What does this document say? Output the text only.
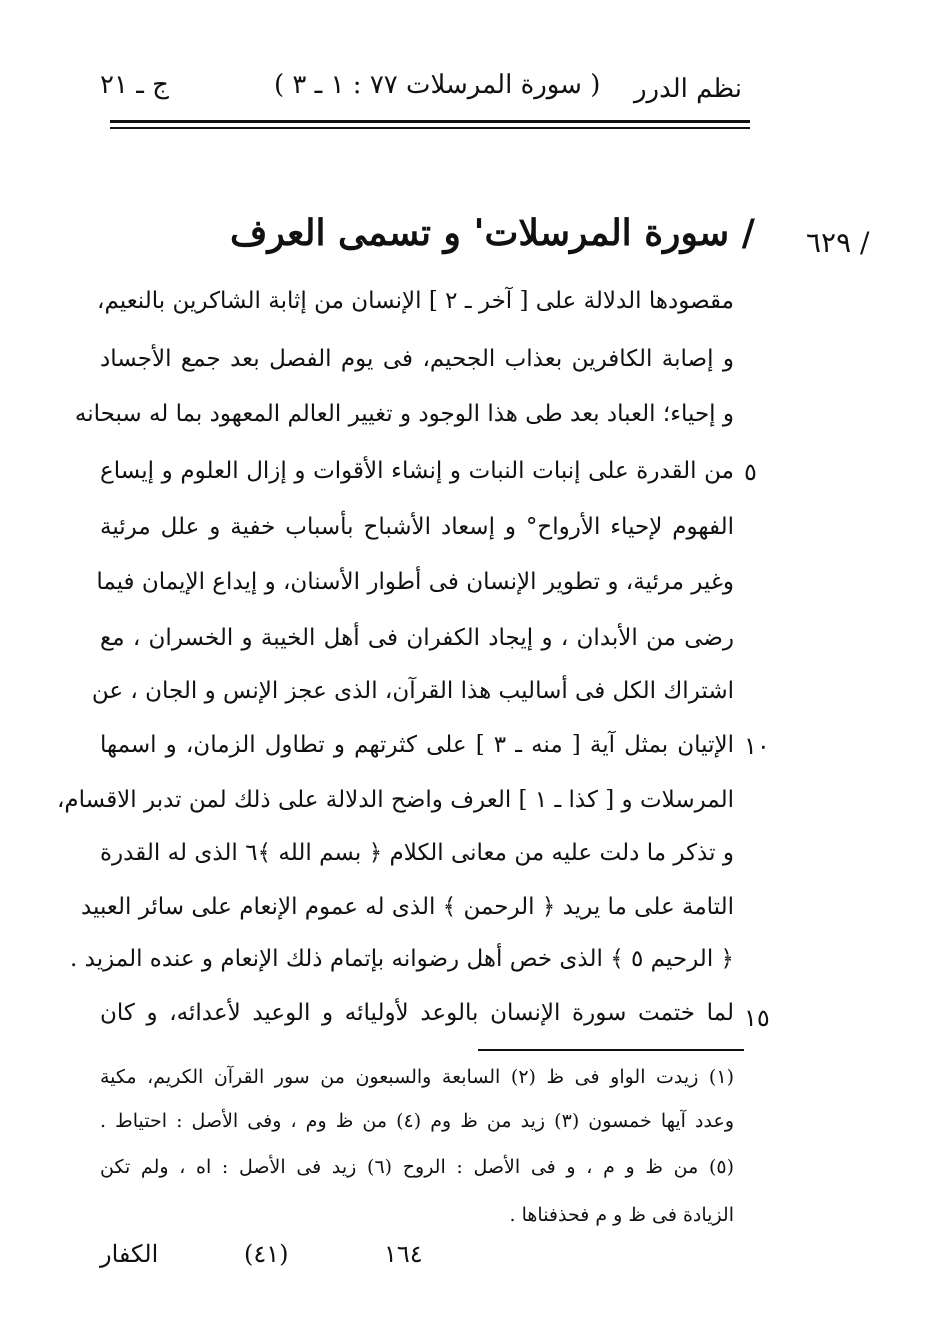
ج ـ ٢١	( سورة المرسلات ٧٧ : ١ ـ ٣ ) نظم الدرر
/ سورة المرسلات' و تسمى العرف / ٦٢٩
مقصودها الدلالة على [ آخر ـ ٢ ] الإنسان من إثابة الشاكرين بالنعيم،
و إصابة الكافرين بعذاب الجحيم، فى يوم الفصل بعد جمع الأجساد
و إحياء؛ العباد بعد طى هذا الوجود و تغيير العالم المعهود بما له سبحانه
من القدرة على إنبات النبات و إنشاء الأقوات و إزال العلوم و إيساع ٥
الفهوم لإحياء الأرواح° و إسعاد الأشباح بأسباب خفية و علل مرئية
وغير مرئية، و تطوير الإنسان فى أطوار الأسنان، و إيداع الإيمان فيما
رضى من الأبدان ، و إيجاد الكفران فى أهل الخيبة و الخسران ، مع
اشتراك الكل فى أساليب هذا القرآن، الذى عجز الإنس و الجان ، عن
الإتيان بمثل آية [ منه ـ ٣ ] على كثرتهم و تطاول الزمان، و اسمها ١٠
المرسلات و [ كذا ـ ١ ] العرف واضح الدلالة على ذلك لمن تدبر الاقسام،
و تذكر ما دلت عليه من معانى الكلام ﴿ بسم الله ﴾٦ الذى له القدرة
التامة على ما يريد ﴿ الرحمن ﴾ الذى له عموم الإنعام على سائر العبيد
﴿ الرحيم ٥ ﴾ الذى خص أهل رضوانه بإتمام ذلك الإنعام و عنده المزيد .
لما ختمت سورة الإنسان بالوعد لأوليائه و الوعيد لأعدائه، و كان ١٥
(١) زيدت الواو فى ظ (٢) السابعة والسبعون من سور القرآن الكريم، مكية
وعدد آيها خمسون (٣) زيد من ظ وم (٤) من ظ وم ، وفى الأصل : احتياط .
(٥) من ظ و م ، و فى الأصل : الروح (٦) زيد فى الأصل : اه ، ولم تكن
الزيادة فى ظ و م فحذفناها .
الكفار	(٤١)	١٦٤
